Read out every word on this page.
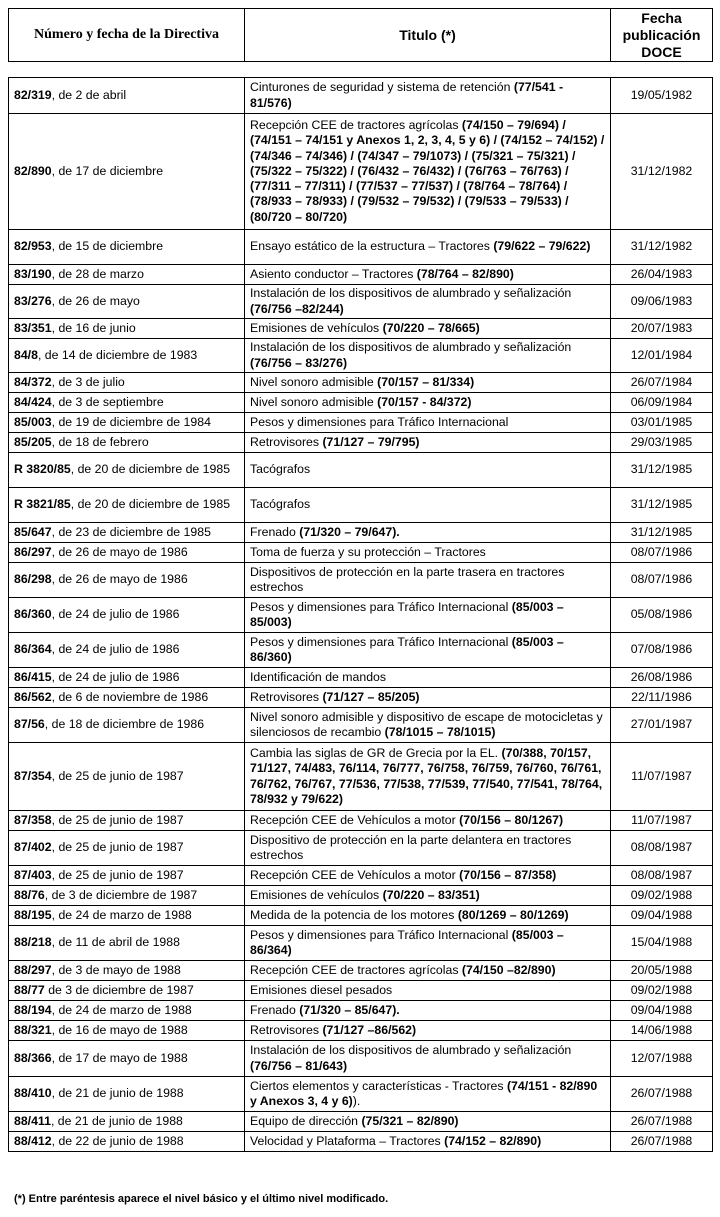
Número y fecha de la Directiva	Titulo (*)	Fecha
publicación
DOCE
82/319, de 2 de abril	Cinturones de seguridad y sistema de retención (77/541 - 81/576)	19/05/1982
82/890, de 17 de diciembre	Recepción CEE de tractores agrícolas (74/150 – 79/694) / (74/151 – 74/151 y Anexos 1, 2, 3, 4, 5 y 6) / (74/152 – 74/152) / (74/346 – 74/346) / (74/347 – 79/1073) / (75/321 – 75/321) / (75/322 – 75/322) / (76/432 – 76/432) / (76/763 – 76/763) / (77/311 – 77/311) / (77/537 – 77/537) / (78/764 – 78/764) / (78/933 – 78/933) / (79/532 – 79/532) / (79/533 – 79/533) / (80/720 – 80/720)	31/12/1982
82/953, de 15 de diciembre	Ensayo estático de la estructura – Tractores (79/622 – 79/622)	31/12/1982
83/190, de 28 de marzo	Asiento conductor – Tractores (78/764 – 82/890)	26/04/1983
83/276, de 26 de mayo	Instalación de los dispositivos de alumbrado y señalización (76/756 –82/244)	09/06/1983
83/351, de 16 de junio	Emisiones de vehículos (70/220 – 78/665)	20/07/1983
84/8, de 14 de diciembre de 1983	Instalación de los dispositivos de alumbrado y señalización (76/756 – 83/276)	12/01/1984
84/372, de 3 de julio	Nivel sonoro admisible (70/157 – 81/334)	26/07/1984
84/424, de 3 de septiembre	Nivel sonoro admisible (70/157 - 84/372)	06/09/1984
85/003, de 19 de diciembre de 1984	Pesos y dimensiones para Tráfico Internacional	03/01/1985
85/205, de 18 de febrero	Retrovisores (71/127 – 79/795)	29/03/1985
R 3820/85, de 20 de diciembre de 1985	Tacógrafos	31/12/1985
R 3821/85, de 20 de diciembre de 1985	Tacógrafos	31/12/1985
85/647, de 23 de diciembre de 1985	Frenado (71/320 – 79/647).	31/12/1985
86/297, de 26 de mayo de 1986	Toma de fuerza y su protección – Tractores	08/07/1986
86/298, de 26 de mayo de 1986	Dispositivos de protección en la parte trasera en tractores estrechos	08/07/1986
86/360, de 24 de julio de 1986	Pesos y dimensiones para Tráfico Internacional (85/003 – 85/003)	05/08/1986
86/364, de 24 de julio de 1986	Pesos y dimensiones para Tráfico Internacional (85/003 – 86/360)	07/08/1986
86/415, de 24 de julio de 1986	Identificación de mandos	26/08/1986
86/562, de 6 de noviembre de 1986	Retrovisores (71/127 – 85/205)	22/11/1986
87/56, de 18 de diciembre de 1986	Nivel sonoro admisible y dispositivo de escape de motocicletas y silenciosos de recambio (78/1015 – 78/1015)	27/01/1987
87/354, de 25 de junio de 1987	Cambia las siglas de GR de Grecia por la EL. (70/388, 70/157, 71/127, 74/483, 76/114, 76/777, 76/758, 76/759, 76/760, 76/761, 76/762, 76/767, 77/536, 77/538, 77/539, 77/540, 77/541, 78/764, 78/932 y 79/622)	11/07/1987
87/358, de 25 de junio de 1987	Recepción CEE de Vehículos a motor (70/156 – 80/1267)	11/07/1987
87/402, de 25 de junio de 1987	Dispositivo de protección en la parte delantera en tractores estrechos	08/08/1987
87/403, de 25 de junio de 1987	Recepción CEE de Vehículos a motor (70/156 – 87/358)	08/08/1987
88/76, de 3 de diciembre de 1987	Emisiones de vehículos (70/220 – 83/351)	09/02/1988
88/195, de 24 de marzo de 1988	Medida de la potencia de los motores (80/1269 – 80/1269)	09/04/1988
88/218, de 11 de abril de 1988	Pesos y dimensiones para Tráfico Internacional (85/003 – 86/364)	15/04/1988
88/297, de 3 de mayo de 1988	Recepción CEE de tractores agrícolas (74/150 –82/890)	20/05/1988
88/77 de 3 de diciembre de 1987	Emisiones diesel pesados	09/02/1988
88/194, de 24 de marzo de 1988	Frenado (71/320 – 85/647).	09/04/1988
88/321, de 16 de mayo de 1988	Retrovisores (71/127 –86/562)	14/06/1988
88/366, de 17 de mayo de 1988	Instalación de los dispositivos de alumbrado y señalización (76/756 – 81/643)	12/07/1988
88/410, de 21 de junio de 1988	Ciertos elementos y características - Tractores (74/151 - 82/890 y Anexos 3, 4 y 6)).	26/07/1988
88/411, de 21 de junio de 1988	Equipo de dirección (75/321 – 82/890)	26/07/1988
88/412, de 22 de junio de 1988	Velocidad y Plataforma – Tractores (74/152 – 82/890)	26/07/1988
(*) Entre paréntesis aparece el nivel básico y el último nivel modificado.
